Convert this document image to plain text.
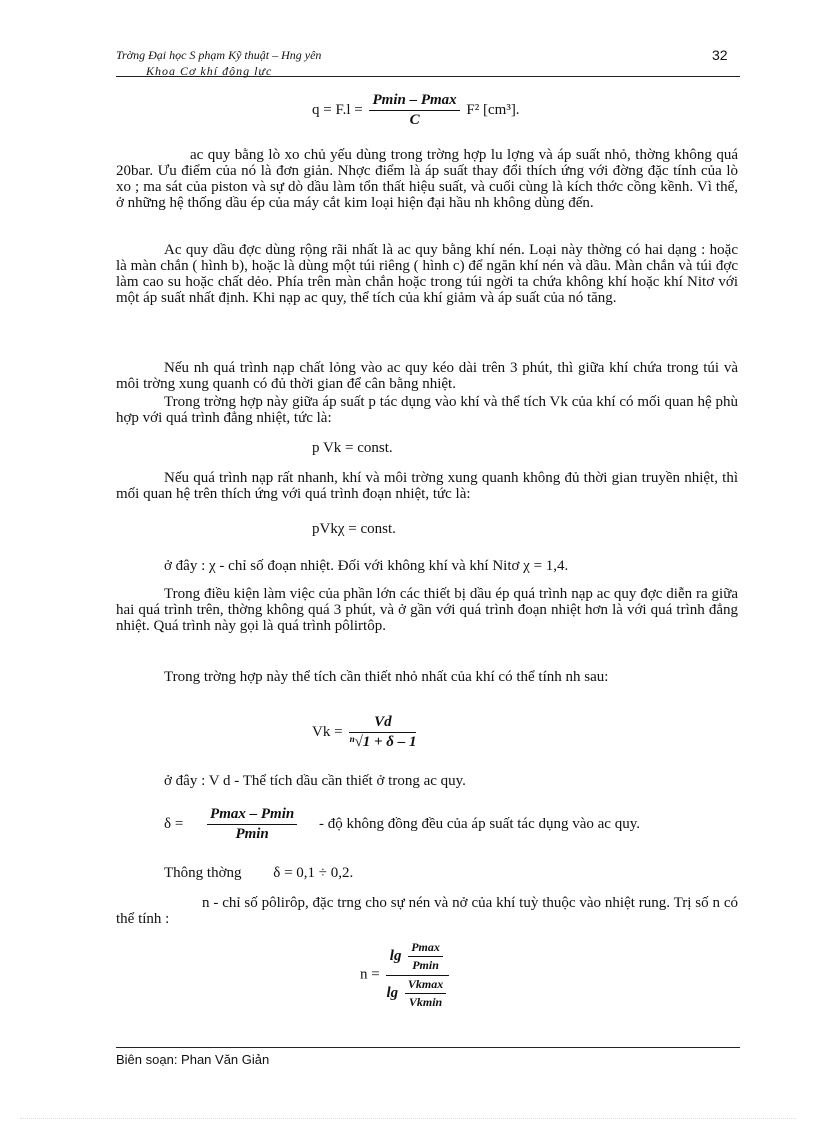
Trờng Đại học S phạm Kỹ thuật – Hng yên
Khoa Cơ khí động lực
32
$q = F.l = \frac{Pmin - Pmax}{C} F^2$ [cm³].

ac quy bằng lò xo chủ yếu dùng trong trờng hợp lu lợng và áp suất nhỏ, thờng không quá 20bar. Ưu điểm của nó là đơn giản. Nhợc điểm là áp suất thay đổi thích ứng với đờng đặc tính của lò xo ; ma sát của piston và sự dò dầu làm tổn thất hiệu suất, và cuối cùng là kích thớc cồng kềnh. Vì thế, ở những hệ thống dầu ép của máy cắt kim loại hiện đại hầu nh không dùng đến.

Ac quy dầu đợc dùng rộng rãi nhất là ac quy bằng khí nén. Loại này thờng có hai dạng : hoặc là màn chắn ( hình b), hoặc là dùng một túi riêng ( hình c) để ngăn khí nén và dầu. Màn chắn và túi đợc làm cao su hoặc chất dẻo. Phía trên màn chắn hoặc trong túi ngời ta chứa không khí hoặc khí Nitơ với một áp suất nhất định. Khi nạp ac quy, thể tích của khí giảm và áp suất của nó tăng.

Nếu nh quá trình nạp chất lỏng vào ac quy kéo dài trên 3 phút, thì giữa khí chứa trong túi và môi trờng xung quanh có đủ thời gian để cân bằng nhiệt.

Trong trờng hợp này giữa áp suất p tác dụng vào khí và thể tích Vk của khí có mối quan hệ phù hợp với quá trình đẳng nhiệt, tức là:

p Vk = const.

Nếu quá trình nạp rất nhanh, khí và môi trờng xung quanh không đủ thời gian truyền nhiệt, thì mối quan hệ trên thích ứng với quá trình đoạn nhiệt, tức là:

pVkχ = const.

ở đây : χ - chỉ số đoạn nhiệt. Đối với không khí và khí Nitơ χ = 1,4.

Trong điều kiện làm việc của phần lớn các thiết bị dầu ép quá trình nạp ac quy đợc diễn ra giữa hai quá trình trên, thờng không quá 3 phút, và ở gần với quá trình đoạn nhiệt hơn là với quá trình đẳng nhiệt. Quá trình này gọi là quá trình pôlirtôp.

Trong trờng hợp này thể tích cần thiết nhỏ nhất của khí có thể tính nh sau:

$Vk = \frac{Vd}{\text{ⁿ√1 + δ – 1}}$

ở đây : V d - Thể tích dầu cần thiết ở trong ac quy.

$\delta = \frac{Pmax - Pmin}{Pmin}$ - độ không đồng đều của áp suất tác dụng vào ac quy.
Thông thờng δ = 0,1 ÷ 0,2.

n - chỉ số pôlirôp, đặc trng cho sự nén và nở của khí tuỳ thuộc vào nhiệt rung. Trị số n có thể tính :

$n = \frac{\lg \frac{Pmax}{Pmin}}{\lg \frac{Vkmax}{Vkmin}}$
Biên soạn: Phan Văn Giản
